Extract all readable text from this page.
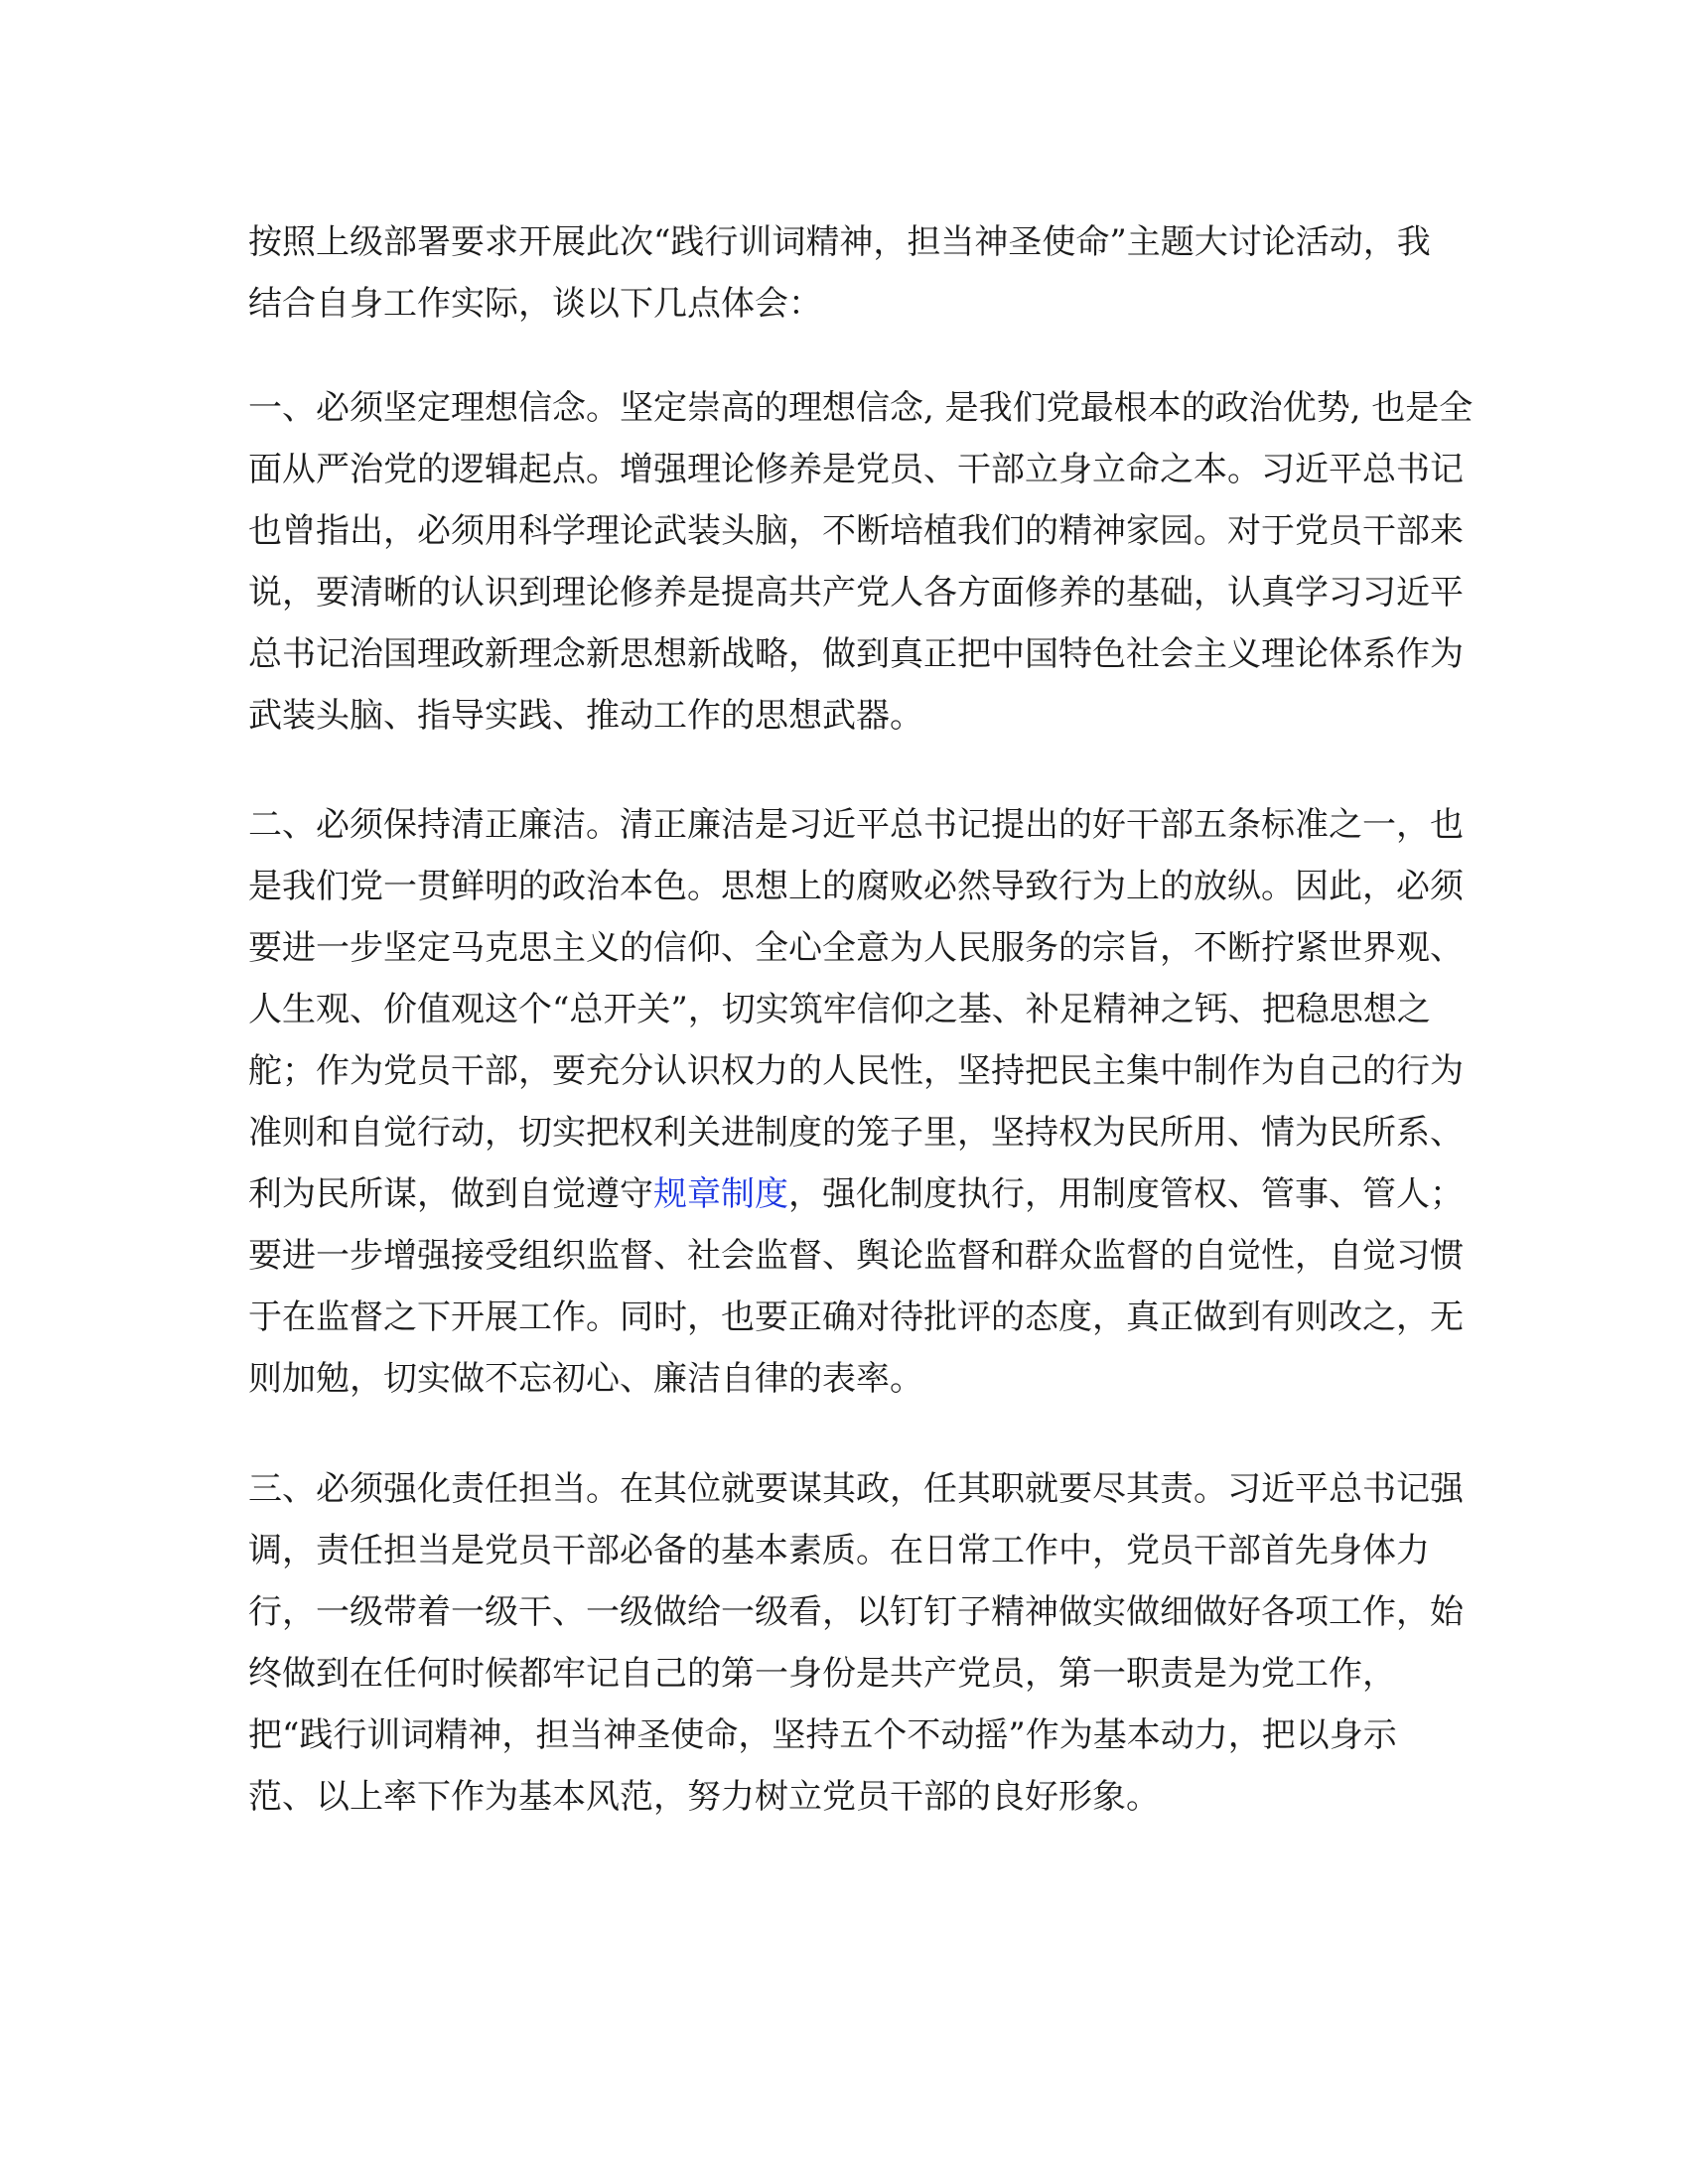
按照上级部署要求开展此次“践行训词精神，担当神圣使命”主题大讨论活动，我
结合自身工作实际，谈以下几点体会：
一、必须坚定理想信念。坚定崇高的理想信念, 是我们党最根本的政治优势, 也是全
面从严治党的逻辑起点。增强理论修养是党员、干部立身立命之本。习近平总书记
也曾指出，必须用科学理论武装头脑，不断培植我们的精神家园。对于党员干部来
说，要清晰的认识到理论修养是提高共产党人各方面修养的基础，认真学习习近平
总书记治国理政新理念新思想新战略，做到真正把中国特色社会主义理论体系作为
武装头脑、指导实践、推动工作的思想武器。
二、必须保持清正廉洁。清正廉洁是习近平总书记提出的好干部五条标准之一，也
是我们党一贯鲜明的政治本色。思想上的腐败必然导致行为上的放纵。因此，必须
要进一步坚定马克思主义的信仰、全心全意为人民服务的宗旨，不断拧紧世界观、
人生观、价值观这个“总开关”，切实筑牢信仰之基、补足精神之钙、把稳思想之
舵；作为党员干部，要充分认识权力的人民性，坚持把民主集中制作为自己的行为
准则和自觉行动，切实把权利关进制度的笼子里，坚持权为民所用、情为民所系、
利为民所谋，做到自觉遵守规章制度，强化制度执行，用制度管权、管事、管人；
要进一步增强接受组织监督、社会监督、舆论监督和群众监督的自觉性，自觉习惯
于在监督之下开展工作。同时，也要正确对待批评的态度，真正做到有则改之，无
则加勉，切实做不忘初心、廉洁自律的表率。
三、必须强化责任担当。在其位就要谋其政，任其职就要尽其责。习近平总书记强
调，责任担当是党员干部必备的基本素质。在日常工作中，党员干部首先身体力
行，一级带着一级干、一级做给一级看，以钉钉子精神做实做细做好各项工作，始
终做到在任何时候都牢记自己的第一身份是共产党员，第一职责是为党工作，
把“践行训词精神，担当神圣使命，坚持五个不动摇”作为基本动力，把以身示
范、以上率下作为基本风范，努力树立党员干部的良好形象。
